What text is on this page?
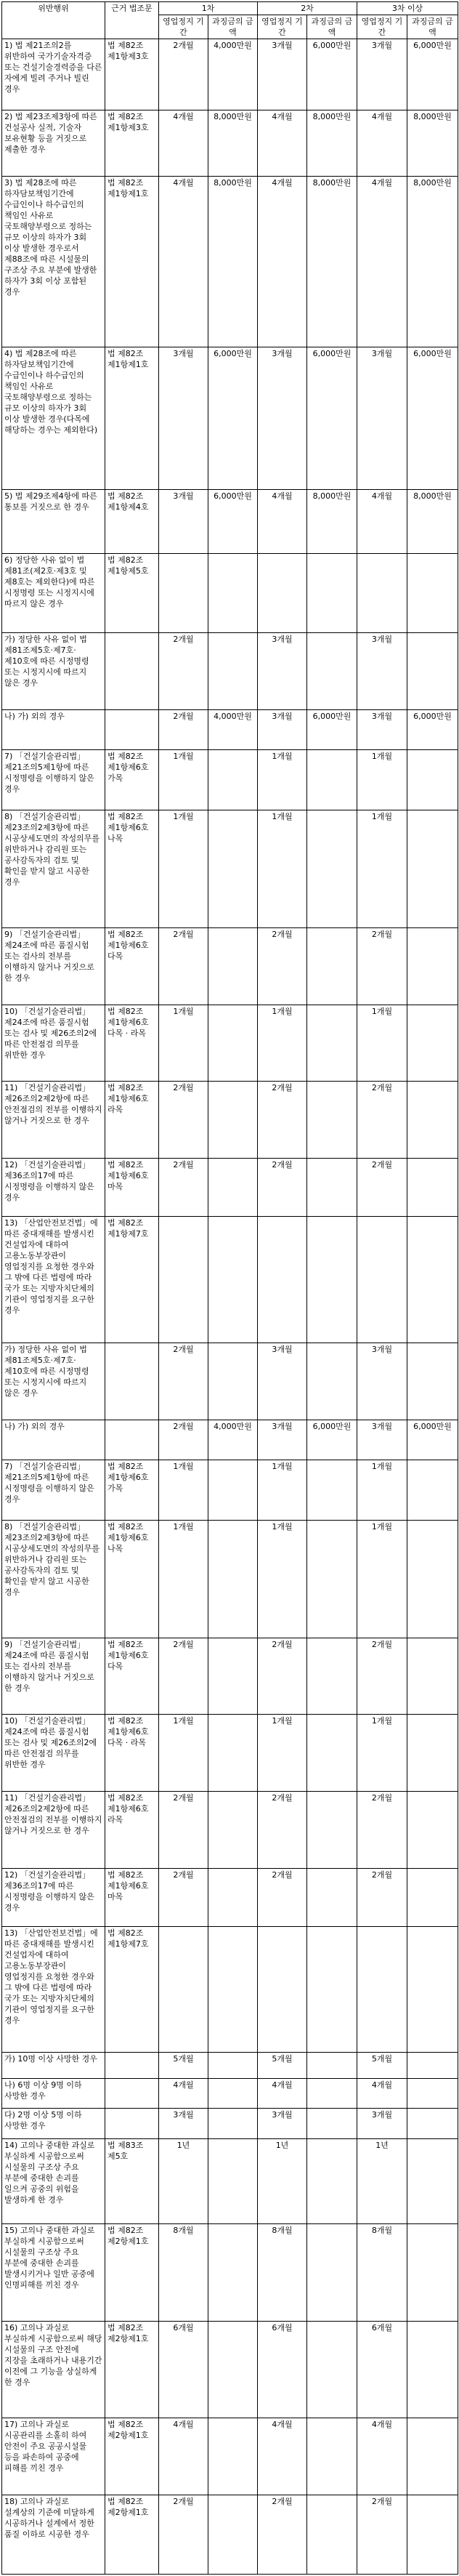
위반행위	근거 법조문	1차		2차		3차 이상	
		영업정지 기간	과징금의 금액	영업정지 기간	과징금의 금액	영업정지 기간	과징금의 금액
1) 법 제21조의2를 위반하여 국가기술자격증 또는 건설기술경력증을 다른 자에게 빌려 주거나 빌린 경우	법 제82조 제1항제3호	2개월	4,000만원	3개월	6,000만원	3개월	6,000만원
2) 법 제23조제3항에 따른 건설공사 실적, 기술자 보유현황 등을 거짓으로 제출한 경우	법 제82조 제1항제3호	4개월	8,000만원	4개월	8,000만원	4개월	8,000만원
3) 법 제28조에 따른 하자담보책임기간에 수급인이나 하수급인의 책임인 사유로 국토해양부령으로 정하는 규모 이상의 하자가 3회 이상 발생한 경우로서 제88조에 따른 시설물의 구조상 주요 부분에 발생한 하자가 3회 이상 포함된 경우	법 제82조 제1항제1호	4개월	8,000만원	4개월	8,000만원	4개월	8,000만원
4) 법 제28조에 따른 하자담보책임기간에 수급인이나 하수급인의 책임인 사유로 국토해양부령으로 정하는 규모 이상의 하자가 3회 이상 발생한 경우(다목에 해당하는 경우는 제외한다)	법 제82조 제1항제1호	3개월	6,000만원	3개월	6,000만원	3개월	6,000만원
5) 법 제29조제4항에 따른 통보를 거짓으로 한 경우	법 제82조 제1항제4호	3개월	6,000만원	4개월	8,000만원	4개월	8,000만원
6) 정당한 사유 없이 법 제81조(제2호·제3호 및 제8호는 제외한다)에 따른 시정명령 또는 시정지시에 따르지 않은 경우	법 제82조 제1항제5호						
가) 정당한 사유 없이 법 제81조제5호·제7호·제10호에 따른 시정명령 또는 시정지시에 따르지 않은 경우		2개월		3개월		3개월	
나) 가) 외의 경우		2개월	4,000만원	3개월	6,000만원	3개월	6,000만원
7) 「건설기술관리법」 제21조의5제1항에 따른 시정명령을 이행하지 않은 경우	법 제82조 제1항제6호 가목	1개월		1개월		1개월	
8) 「건설기술관리법」 제23조의2제3항에 따른 시공상세도면의 작성의무를 위반하거나 감리원 또는 공사감독자의 검토 및 확인을 받지 않고 시공한 경우	법 제82조 제1항제6호 나목	1개월		1개월		1개월	
9) 「건설기술관리법」 제24조에 따른 품질시험 또는 검사의 전부를 이행하지 않거나 거짓으로 한 경우	법 제82조 제1항제6호 다목	2개월		2개월		2개월	
10) 「건설기술관리법」 제24조에 따른 품질시험 또는 검사 및 제26조의2에 따른 안전점검 의무를 위반한 경우	법 제82조 제1항제6호 다목 · 라목	1개월		1개월		1개월	
11) 「건설기술관리법」 제26조의2제2항에 따른 안전점검의 전부를 이행하지 않거나 거짓으로 한 경우	법 제82조 제1항제6호 라목	2개월		2개월		2개월	
12) 「건설기술관리법」 제36조의17에 따른 시정명령을 이행하지 않은 경우	법 제82조 제1항제6호 마목	2개월		2개월		2개월	
13) 「산업안전보건법」에 따른 중대재해를 발생시킨 건설업자에 대하여 고용노동부장관이 영업정지를 요청한 경우와 그 밖에 다른 법령에 따라 국가 또는 지방자치단체의 기관이 영업정지를 요구한 경우	법 제82조 제1항제7호						
가) 정당한 사유 없이 법 제81조제5호·제7호·제10호에 따른 시정명령 또는 시정지시에 따르지 않은 경우		2개월		3개월		3개월	
나) 가) 외의 경우		2개월	4,000만원	3개월	6,000만원	3개월	6,000만원
7) 「건설기술관리법」 제21조의5제1항에 따른 시정명령을 이행하지 않은 경우	법 제82조 제1항제6호 가목	1개월		1개월		1개월	
8) 「건설기술관리법」 제23조의2제3항에 따른 시공상세도면의 작성의무를 위반하거나 감리원 또는 공사감독자의 검토 및 확인을 받지 않고 시공한 경우	법 제82조 제1항제6호 나목	1개월		1개월		1개월	
9) 「건설기술관리법」 제24조에 따른 품질시험 또는 검사의 전부를 이행하지 않거나 거짓으로 한 경우	법 제82조 제1항제6호 다목	2개월		2개월		2개월	
10) 「건설기술관리법」 제24조에 따른 품질시험 또는 검사 및 제26조의2에 따른 안전점검 의무를 위반한 경우	법 제82조 제1항제6호 다목 · 라목	1개월		1개월		1개월	
11) 「건설기술관리법」 제26조의2제2항에 따른 안전점검의 전부를 이행하지 않거나 거짓으로 한 경우	법 제82조 제1항제6호 라목	2개월		2개월		2개월	
12) 「건설기술관리법」 제36조의17에 따른 시정명령을 이행하지 않은 경우	법 제82조 제1항제6호 마목	2개월		2개월		2개월	
13) 「산업안전보건법」에 따른 중대재해를 발생시킨 건설업자에 대하여 고용노동부장관이 영업정지를 요청한 경우와 그 밖에 다른 법령에 따라 국가 또는 지방자치단체의 기관이 영업정지를 요구한 경우	법 제82조 제1항제7호						
가) 10명 이상 사망한 경우		5개월		5개월		5개월	
나) 6명 이상 9명 이하 사망한 경우		4개월		4개월		4개월	
다) 2명 이상 5명 이하 사망한 경우		3개월		3개월		3개월	
14) 고의나 중대한 과실로 부실하게 시공함으로써 시설물의 구조상 주요 부분에 중대한 손괴를 일으켜 공중의 위험을 발생하게 한 경우	법 제83조 제5호	1년		1년		1년	
15) 고의나 중대한 과실로 부실하게 시공함으로써 시설물의 구조상 주요 부분에 중대한 손괴를 발생시키거나 일반 공중에 인명피해를 끼친 경우	법 제82조 제2항제1호	8개월		8개월		8개월	
16) 고의나 과실로 부실하게 시공함으로써 해당 시설물의 구조 안전에 지장을 초래하거나 내용기간 이전에 그 기능을 상실하게 한 경우	법 제82조 제2항제1호	6개월		6개월		6개월	
17) 고의나 과실로 시공관리를 소홀히 하여 안전이 주요 공공시설물 등을 파손하여 공중에 피해를 끼친 경우	법 제82조 제2항제1호	4개월		4개월		4개월	
18) 고의나 과실로 설계상의 기준에 미달하게 시공하거나 설계에서 정한 품질 이하로 시공한 경우	법 제82조 제2항제1호	2개월		2개월		2개월	
